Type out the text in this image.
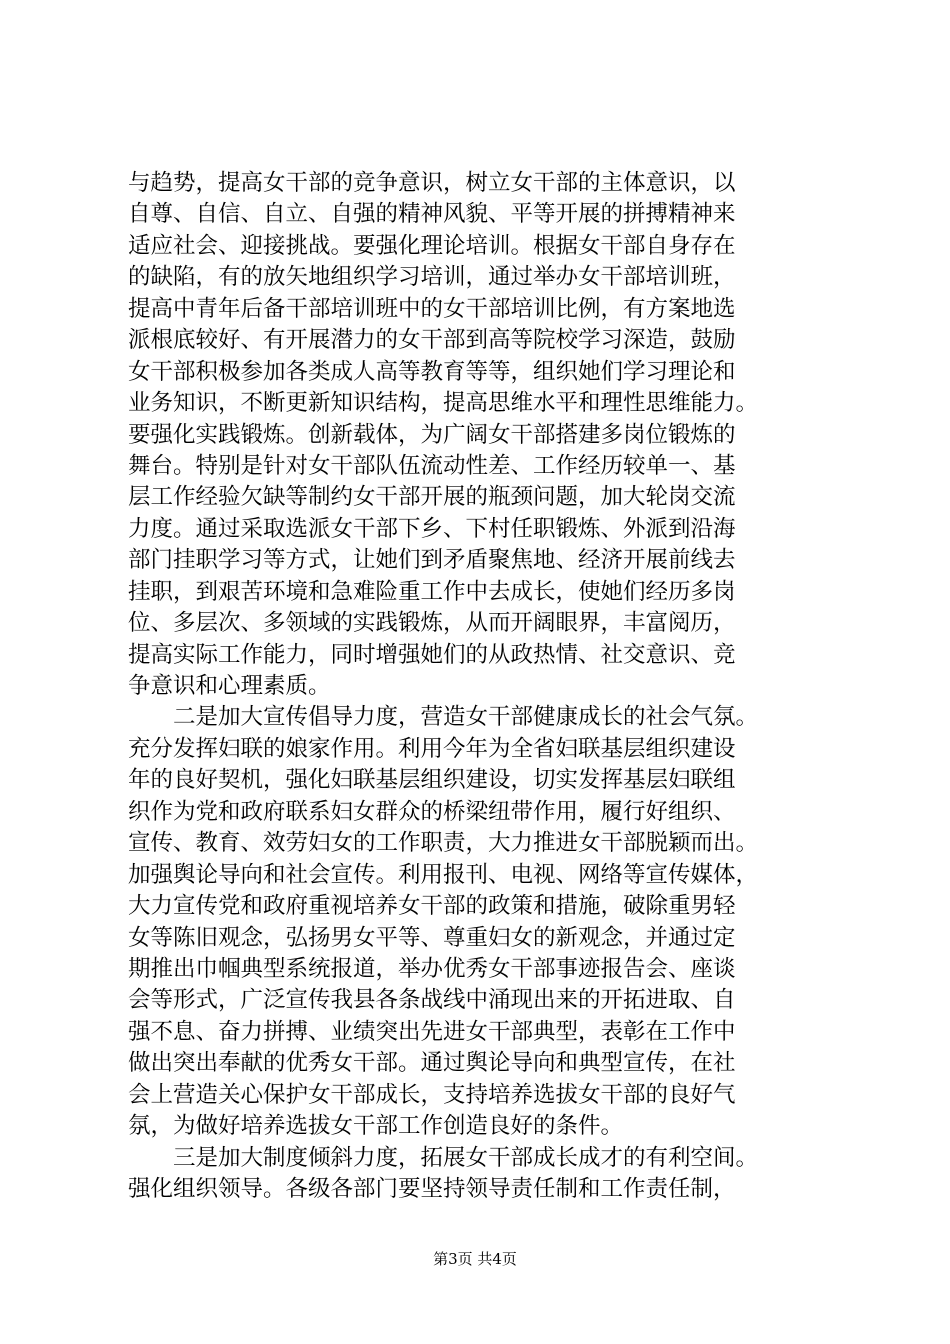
与趋势，提高女干部的竞争意识，树立女干部的主体意识，以
自尊、自信、自立、自强的精神风貌、平等开展的拼搏精神来
适应社会、迎接挑战。要强化理论培训。根据女干部自身存在
的缺陷，有的放矢地组织学习培训，通过举办女干部培训班，
提高中青年后备干部培训班中的女干部培训比例，有方案地选
派根底较好、有开展潜力的女干部到高等院校学习深造，鼓励
女干部积极参加各类成人高等教育等等，组织她们学习理论和
业务知识，不断更新知识结构，提高思维水平和理性思维能力。
要强化实践锻炼。创新载体，为广阔女干部搭建多岗位锻炼的
舞台。特别是针对女干部队伍流动性差、工作经历较单一、基
层工作经验欠缺等制约女干部开展的瓶颈问题，加大轮岗交流
力度。通过采取选派女干部下乡、下村任职锻炼、外派到沿海
部门挂职学习等方式，让她们到矛盾聚焦地、经济开展前线去
挂职，到艰苦环境和急难险重工作中去成长，使她们经历多岗
位、多层次、多领域的实践锻炼，从而开阔眼界，丰富阅历，
提高实际工作能力，同时增强她们的从政热情、社交意识、竞
争意识和心理素质。
　　二是加大宣传倡导力度，营造女干部健康成长的社会气氛。
充分发挥妇联的娘家作用。利用今年为全省妇联基层组织建设
年的良好契机，强化妇联基层组织建设，切实发挥基层妇联组
织作为党和政府联系妇女群众的桥梁纽带作用，履行好组织、
宣传、教育、效劳妇女的工作职责，大力推进女干部脱颖而出。
加强舆论导向和社会宣传。利用报刊、电视、网络等宣传媒体，
大力宣传党和政府重视培养女干部的政策和措施，破除重男轻
女等陈旧观念，弘扬男女平等、尊重妇女的新观念，并通过定
期推出巾帼典型系统报道，举办优秀女干部事迹报告会、座谈
会等形式，广泛宣传我县各条战线中涌现出来的开拓进取、自
强不息、奋力拼搏、业绩突出先进女干部典型，表彰在工作中
做出突出奉献的优秀女干部。通过舆论导向和典型宣传，在社
会上营造关心保护女干部成长，支持培养选拔女干部的良好气
氛，为做好培养选拔女干部工作创造良好的条件。
　　三是加大制度倾斜力度，拓展女干部成长成才的有利空间。
强化组织领导。各级各部门要坚持领导责任制和工作责任制，
第3页 共4页
